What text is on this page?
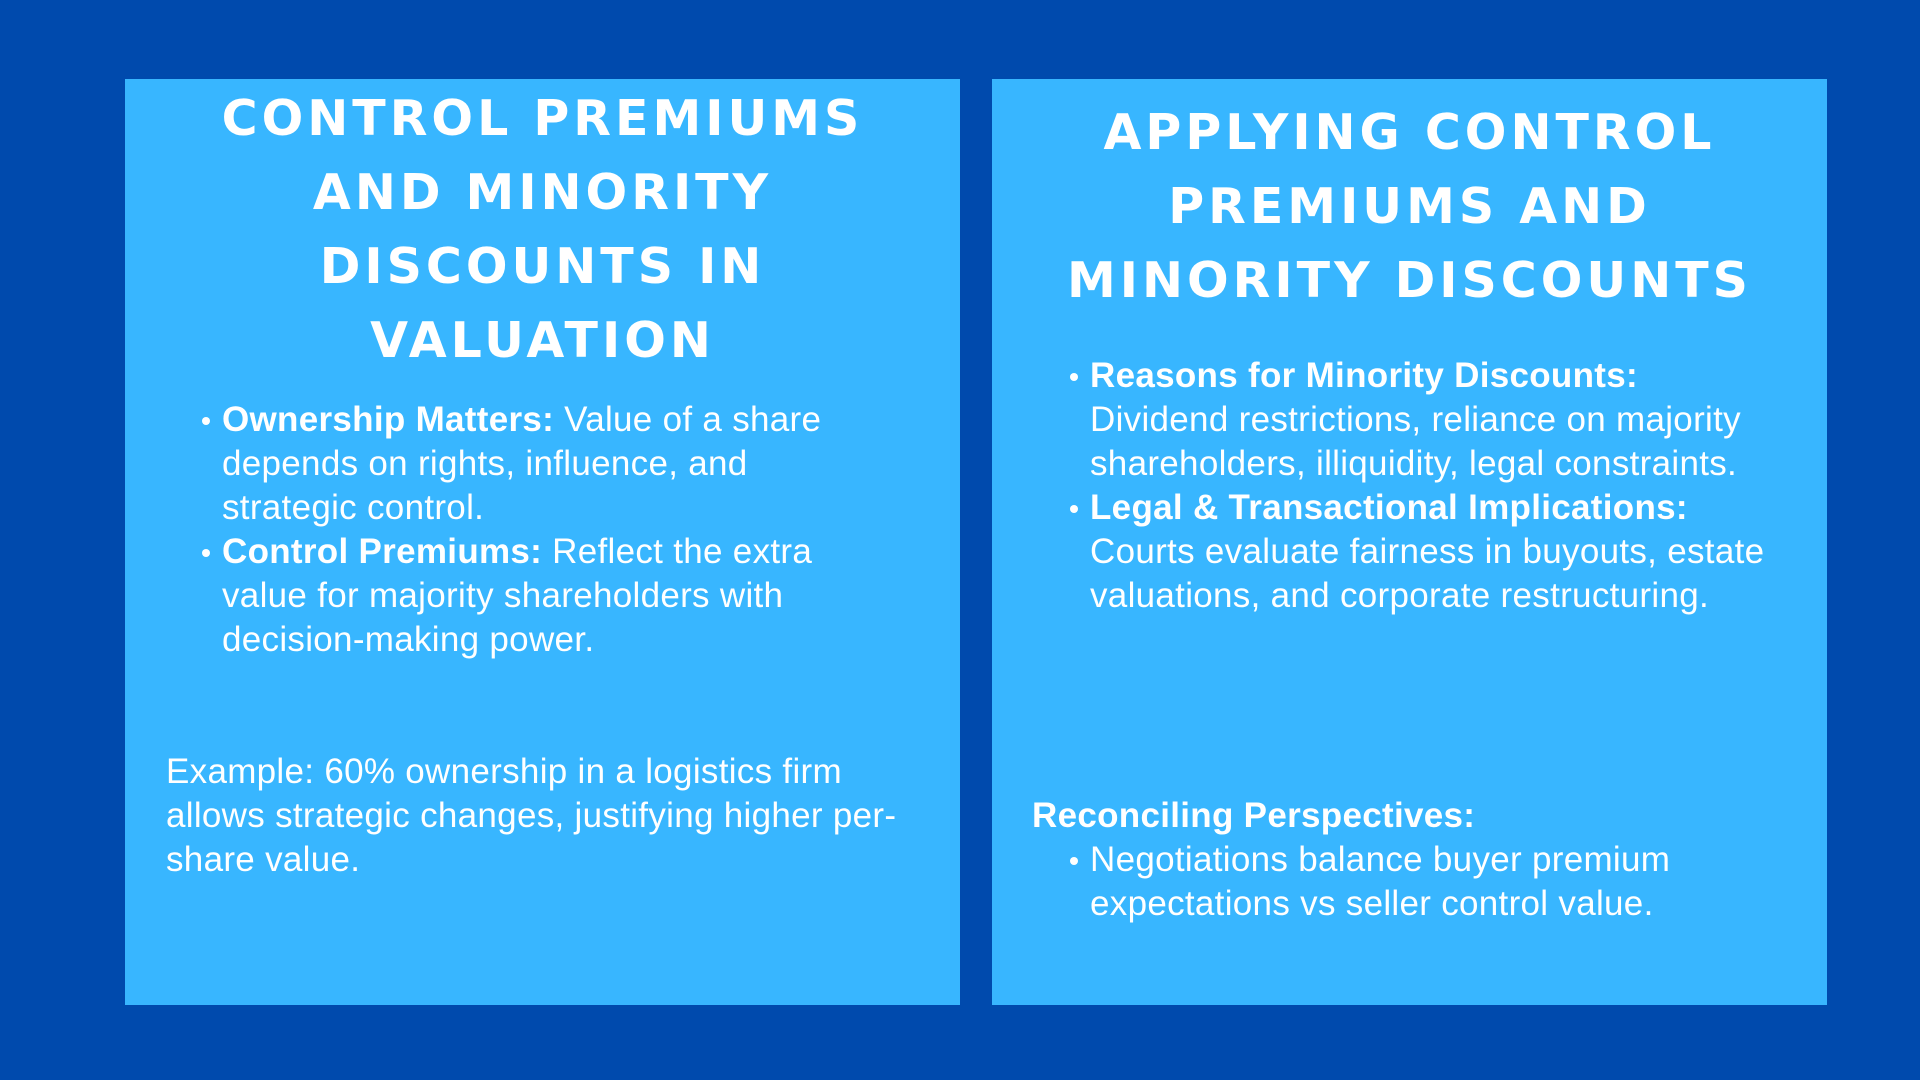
CONTROL PREMIUMS AND MINORITY DISCOUNTS IN VALUATION
Ownership Matters: Value of a share depends on rights, influence, and strategic control.
Control Premiums: Reflect the extra value for majority shareholders with decision-making power.

Example: 60% ownership in a logistics firm allows strategic changes, justifying higher per-share value.

APPLYING CONTROL PREMIUMS AND MINORITY DISCOUNTS
Reasons for Minority Discounts: Dividend restrictions, reliance on majority shareholders, illiquidity, legal constraints.
Legal & Transactional Implications: Courts evaluate fairness in buyouts, estate valuations, and corporate restructuring.

Reconciling Perspectives:

Negotiations balance buyer premium expectations vs seller control value.
